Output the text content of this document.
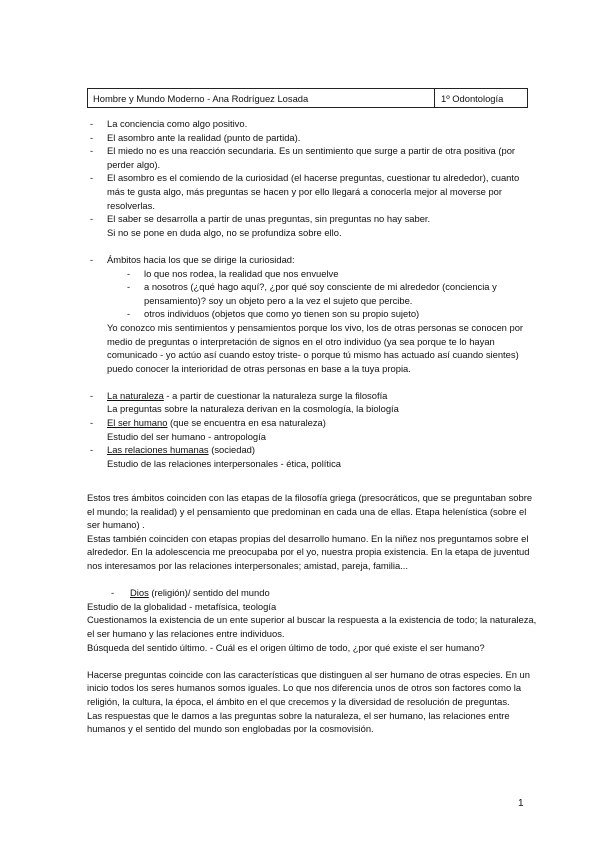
Hombre y Mundo Moderno - Ana Rodríguez Losada	1º Odontología

- La conciencia como algo positivo.

- El asombro ante la realidad (punto de partida).

- El miedo no es una reacción secundaria. Es un sentimiento que surge a partir de otra positiva (por perder algo).

- El asombro es el comiendo de la curiosidad (el hacerse preguntas, cuestionar tu alrededor), cuanto más te gusta algo, más preguntas se hacen y por ello llegará a conocerla mejor al moverse por resolverlas.

- El saber se desarrolla a partir de unas preguntas, sin preguntas no hay saber.

Si no se pone en duda algo, no se profundiza sobre ello.

- Ámbitos hacia los que se dirige la curiosidad:

- lo que nos rodea, la realidad que nos envuelve

- a nosotros (¿qué hago aquí?, ¿por qué soy consciente de mi alrededor (conciencia y pensamiento)? soy un objeto pero a la vez el sujeto que percibe.

- otros individuos (objetos que como yo tienen son su propio sujeto)

Yo conozco mis sentimientos y pensamientos porque los vivo, los de otras personas se conocen por medio de preguntas o interpretación de signos en el otro individuo (ya sea porque te lo hayan comunicado - yo actúo así cuando estoy triste- o porque tú mismo has actuado así cuando sientes) puedo conocer la interioridad de otras personas en base a la tuya propia.

- La naturaleza - a partir de cuestionar la naturaleza surge la filosofía

La preguntas sobre la naturaleza derivan en la cosmología, la biología

- El ser humano (que se encuentra en esa naturaleza)

Estudio del ser humano - antropología

- Las relaciones humanas (sociedad)

Estudio de las relaciones interpersonales - ética, política

Estos tres ámbitos coinciden con las etapas de la filosofía griega (presocráticos, que se preguntaban sobre el mundo; la realidad) y el pensamiento que predominan en cada una de ellas. Etapa helenística (sobre el ser humano) .

Estas también coinciden con etapas propias del desarrollo humano. En la niñez nos preguntamos sobre el alrededor. En la adolescencia me preocupaba por el yo, nuestra propia existencia. En la etapa de juventud nos interesamos por las relaciones interpersonales; amistad, pareja, familia...

- Dios (religión)/ sentido del mundo

Estudio de la globalidad - metafísica, teología

Cuestionamos la existencia de un ente superior al buscar la respuesta a la existencia de todo; la naturaleza, el ser humano y las relaciones entre individuos.

Búsqueda del sentido último. - Cuál es el origen último de todo, ¿por qué existe el ser humano?

Hacerse preguntas coincide con las características que distinguen al ser humano de otras especies. En un inicio todos los seres humanos somos iguales. Lo que nos diferencia unos de otros son factores como la religión, la cultura, la época, el ámbito en el que crecemos y la diversidad de resolución de preguntas.

Las respuestas que le damos a las preguntas sobre la naturaleza, el ser humano, las relaciones entre humanos y el sentido del mundo son englobadas por la cosmovisión.

1
